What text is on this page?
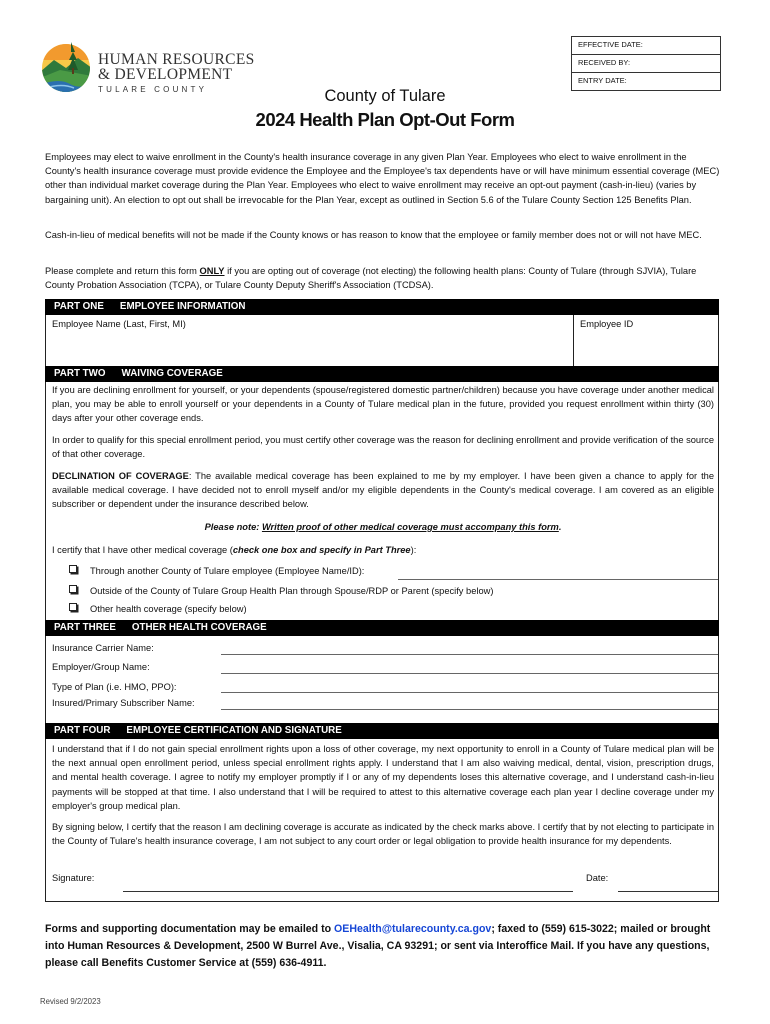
HUMAN RESOURCES
& DEVELOPMENT
TULARE COUNTY
EFFECTIVE DATE:
RECEIVED BY:
ENTRY DATE:
County of Tulare
2024 Health Plan Opt-Out Form
Employees may elect to waive enrollment in the County's health insurance coverage in any given Plan Year. Employees who elect to waive enrollment in the County's health insurance coverage must provide evidence the Employee and the Employee's tax dependents have or will have minimum essential coverage (MEC) other than individual market coverage during the Plan Year. Employees who elect to waive enrollment may receive an opt-out payment (cash-in-lieu) (varies by bargaining unit). An election to opt out shall be irrevocable for the Plan Year, except as outlined in Section 5.6 of the Tulare County Section 125 Benefits Plan.
Cash-in-lieu of medical benefits will not be made if the County knows or has reason to know that the employee or family member does not or will not have MEC.
Please complete and return this form ONLY if you are opting out of coverage (not electing) the following health plans: County of Tulare (through SJVIA), Tulare County Probation Association (TCPA), or Tulare County Deputy Sheriff's Association (TCDSA).
PART ONE EMPLOYEE INFORMATION
Employee Name (Last, First, MI)	Employee ID
PART TWO WAIVING COVERAGE
If you are declining enrollment for yourself, or your dependents (spouse/registered domestic partner/children) because you have coverage under another medical plan, you may be able to enroll yourself or your dependents in a County of Tulare medical plan in the future, provided you request enrollment within thirty (30) days after your other coverage ends.
In order to qualify for this special enrollment period, you must certify other coverage was the reason for declining enrollment and provide verification of the source of that other coverage.
DECLINATION OF COVERAGE: The available medical coverage has been explained to me by my employer. I have been given a chance to apply for the available medical coverage. I have decided not to enroll myself and/or my eligible dependents in the County's medical coverage. I am covered as an eligible subscriber or dependent under the insurance described below.
Please note: Written proof of other medical coverage must accompany this form.
I certify that I have other medical coverage (check one box and specify in Part Three):
Through another County of Tulare employee (Employee Name/ID):
Outside of the County of Tulare Group Health Plan through Spouse/RDP or Parent (specify below)
Other health coverage (specify below)
PART THREE OTHER HEALTH COVERAGE
Insurance Carrier Name:
Employer/Group Name:
Type of Plan (i.e. HMO, PPO):
Insured/Primary Subscriber Name:
PART FOUR EMPLOYEE CERTIFICATION AND SIGNATURE
I understand that if I do not gain special enrollment rights upon a loss of other coverage, my next opportunity to enroll in a County of Tulare medical plan will be the next annual open enrollment period, unless special enrollment rights apply. I understand that I am also waiving medical, dental, vision, prescription drugs, and mental health coverage. I agree to notify my employer promptly if I or any of my dependents loses this alternative coverage, and I understand cash-in-lieu payments will be stopped at that time. I also understand that I will be required to attest to this alternative coverage each plan year I decline coverage under my employer's group medical plan.
By signing below, I certify that the reason I am declining coverage is accurate as indicated by the check marks above. I certify that by not electing to participate in the County of Tulare's health insurance coverage, I am not subject to any court order or legal obligation to provide health insurance for my dependents.
Signature:	Date:
Forms and supporting documentation may be emailed to OEHealth@tularecounty.ca.gov; faxed to (559) 615-3022; mailed or brought into Human Resources & Development, 2500 W Burrel Ave., Visalia, CA 93291; or sent via Interoffice Mail. If you have any questions, please call Benefits Customer Service at (559) 636-4911.
Revised 9/2/2023
